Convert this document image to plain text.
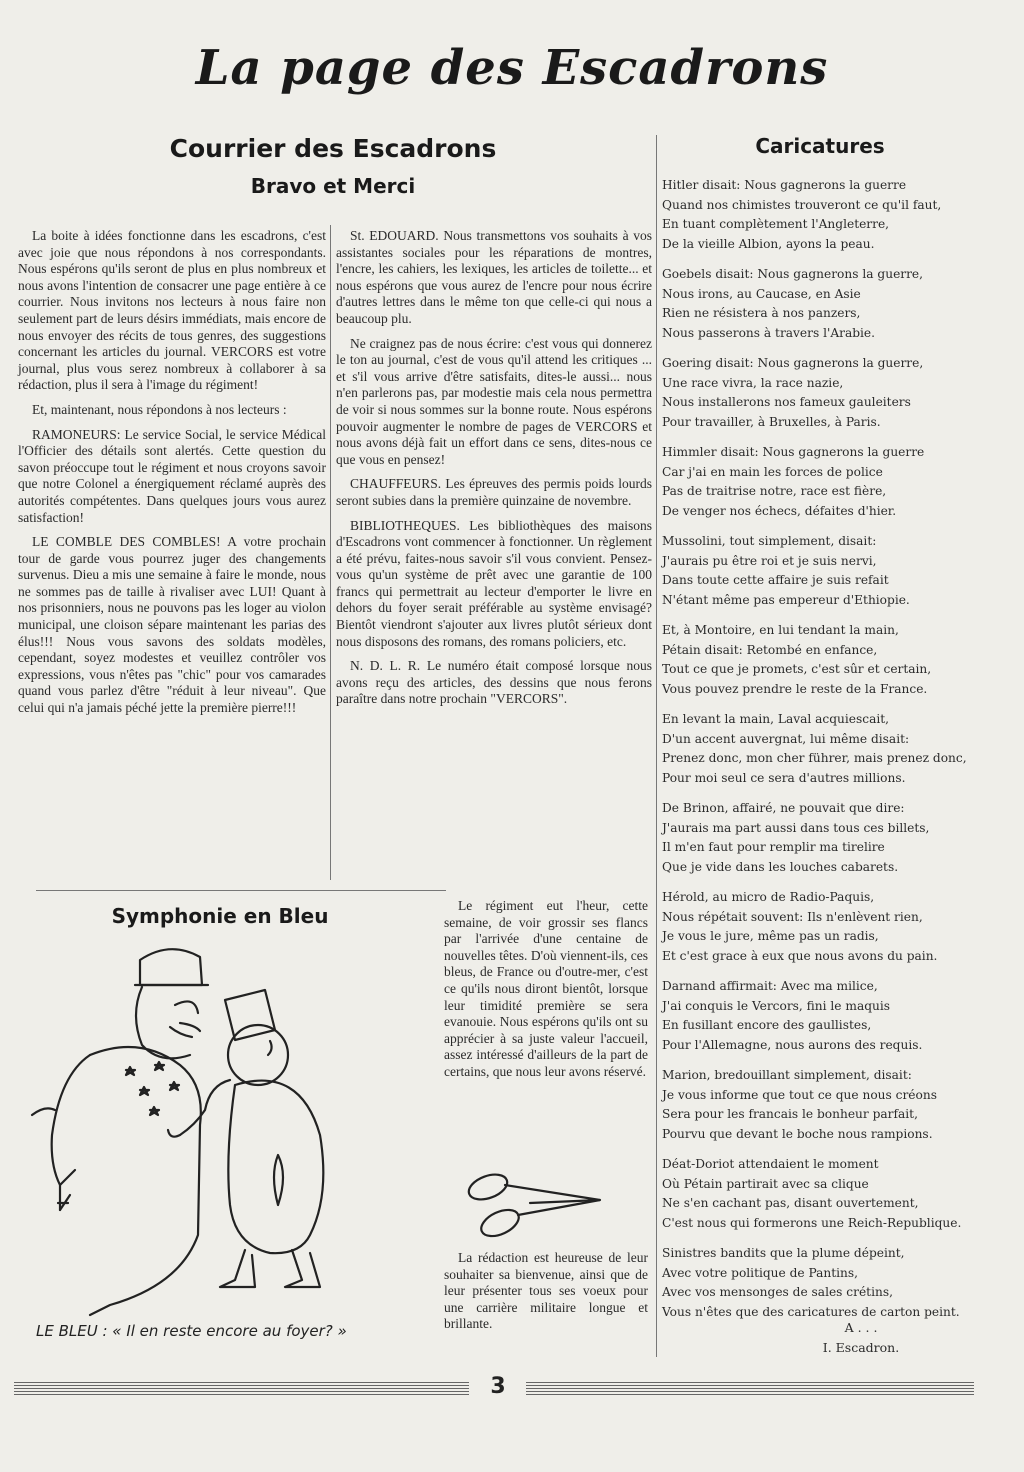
La page des Escadrons
Courrier des Escadrons
Bravo et Merci
Caricatures

La boite à idées fonctionne dans les escadrons, c'est avec joie que nous répondons à nos correspondants. Nous espérons qu'ils seront de plus en plus nombreux et nous avons l'intention de consacrer une page entière à ce courrier. Nous invitons nos lecteurs à nous faire non seulement part de leurs désirs immédiats, mais encore de nous envoyer des récits de tous genres, des suggestions concernant les articles du journal. VERCORS est votre journal, plus vous serez nombreux à collaborer à sa rédaction, plus il sera à l'image du régiment!

Et, maintenant, nous répondons à nos lecteurs :

RAMONEURS: Le service Social, le service Médical l'Officier des détails sont alertés. Cette question du savon préoccupe tout le régiment et nous croyons savoir que notre Colonel a énergiquement réclamé auprès des autorités compétentes. Dans quelques jours vous aurez satisfaction!

LE COMBLE DES COMBLES! A votre prochain tour de garde vous pourrez juger des changements survenus. Dieu a mis une semaine à faire le monde, nous ne sommes pas de taille à rivaliser avec LUI! Quant à nos prisonniers, nous ne pouvons pas les loger au violon municipal, une cloison sépare maintenant les parias des élus!!! Nous vous savons des soldats modèles, cependant, soyez modestes et veuillez contrôler vos expressions, vous n'êtes pas "chic" pour vos camarades quand vous parlez d'être "réduit à leur niveau". Que celui qui n'a jamais péché jette la première pierre!!!

St. EDOUARD. Nous transmettons vos souhaits à vos assistantes sociales pour les réparations de montres, l'encre, les cahiers, les lexiques, les articles de toilette... et nous espérons que vous aurez de l'encre pour nous écrire d'autres lettres dans le même ton que celle-ci qui nous a beaucoup plu.

Ne craignez pas de nous écrire: c'est vous qui donnerez le ton au journal, c'est de vous qu'il attend les critiques ... et s'il vous arrive d'être satisfaits, dites-le aussi... nous n'en parlerons pas, par modestie mais cela nous permettra de voir si nous sommes sur la bonne route. Nous espérons pouvoir augmenter le nombre de pages de VERCORS et nous avons déjà fait un effort dans ce sens, dites-nous ce que vous en pensez!

CHAUFFEURS. Les épreuves des permis poids lourds seront subies dans la première quinzaine de novembre.

BIBLIOTHEQUES. Les bibliothèques des maisons d'Escadrons vont commencer à fonctionner. Un règlement a été prévu, faites-nous savoir s'il vous convient. Pensez-vous qu'un système de prêt avec une garantie de 100 francs qui permettrait au lecteur d'emporter le livre en dehors du foyer serait préférable au système envisagé? Bientôt viendront s'ajouter aux livres plutôt sérieux dont nous disposons des romans, des romans policiers, etc.

N. D. L. R. Le numéro était composé lorsque nous avons reçu des articles, des dessins que nous ferons paraître dans notre prochain "VERCORS".

Symphonie en Bleu
LE BLEU : « Il en reste encore au foyer? »

Le régiment eut l'heur, cette semaine, de voir grossir ses flancs par l'arrivée d'une centaine de nouvelles têtes. D'où viennent-ils, ces bleus, de France ou d'outre-mer, c'est ce qu'ils nous diront bientôt, lorsque leur timidité première se sera evanouie. Nous espérons qu'ils ont su apprécier à sa juste valeur l'accueil, assez intéressé d'ailleurs de la part de certains, que nous leur avons réservé.

La rédaction est heureuse de leur souhaiter sa bienvenue, ainsi que de leur présenter tous ses voeux pour une carrière militaire longue et brillante.

Hitler disait: Nous gagnerons la guerre
Quand nos chimistes trouveront ce qu'il faut,
En tuant complètement l'Angleterre,
De la vieille Albion, ayons la peau.
Goebels disait: Nous gagnerons la guerre,
Nous irons, au Caucase, en Asie
Rien ne résistera à nos panzers,
Nous passerons à travers l'Arabie.
Goering disait: Nous gagnerons la guerre,
Une race vivra, la race nazie,
Nous installerons nos fameux gauleiters
Pour travailler, à Bruxelles, à Paris.
Himmler disait: Nous gagnerons la guerre
Car j'ai en main les forces de police
Pas de traitrise notre, race est fière,
De venger nos échecs, défaites d'hier.
Mussolini, tout simplement, disait:
J'aurais pu être roi et je suis nervi,
Dans toute cette affaire je suis refait
N'étant même pas empereur d'Ethiopie.
Et, à Montoire, en lui tendant la main,
Pétain disait: Retombé en enfance,
Tout ce que je promets, c'est sûr et certain,
Vous pouvez prendre le reste de la France.
En levant la main, Laval acquiescait,
D'un accent auvergnat, lui même disait:
Prenez donc, mon cher führer, mais prenez donc,
Pour moi seul ce sera d'autres millions.
De Brinon, affairé, ne pouvait que dire:
J'aurais ma part aussi dans tous ces billets,
Il m'en faut pour remplir ma tirelire
Que je vide dans les louches cabarets.
Hérold, au micro de Radio-Paquis,
Nous répétait souvent: Ils n'enlèvent rien,
Je vous le jure, même pas un radis,
Et c'est grace à eux que nous avons du pain.
Darnand affirmait: Avec ma milice,
J'ai conquis le Vercors, fini le maquis
En fusillant encore des gaullistes,
Pour l'Allemagne, nous aurons des requis.
Marion, bredouillant simplement, disait:
Je vous informe que tout ce que nous créons
Sera pour les francais le bonheur parfait,
Pourvu que devant le boche nous rampions.
Déat-Doriot attendaient le moment
Où Pétain partirait avec sa clique
Ne s'en cachant pas, disant ouvertement,
C'est nous qui formerons une Reich-Republique.
Sinistres bandits que la plume dépeint,
Avec votre politique de Pantins,
Avec vos mensonges de sales crétins,
Vous n'êtes que des caricatures de carton peint.
A . . .
I. Escadron.
3
